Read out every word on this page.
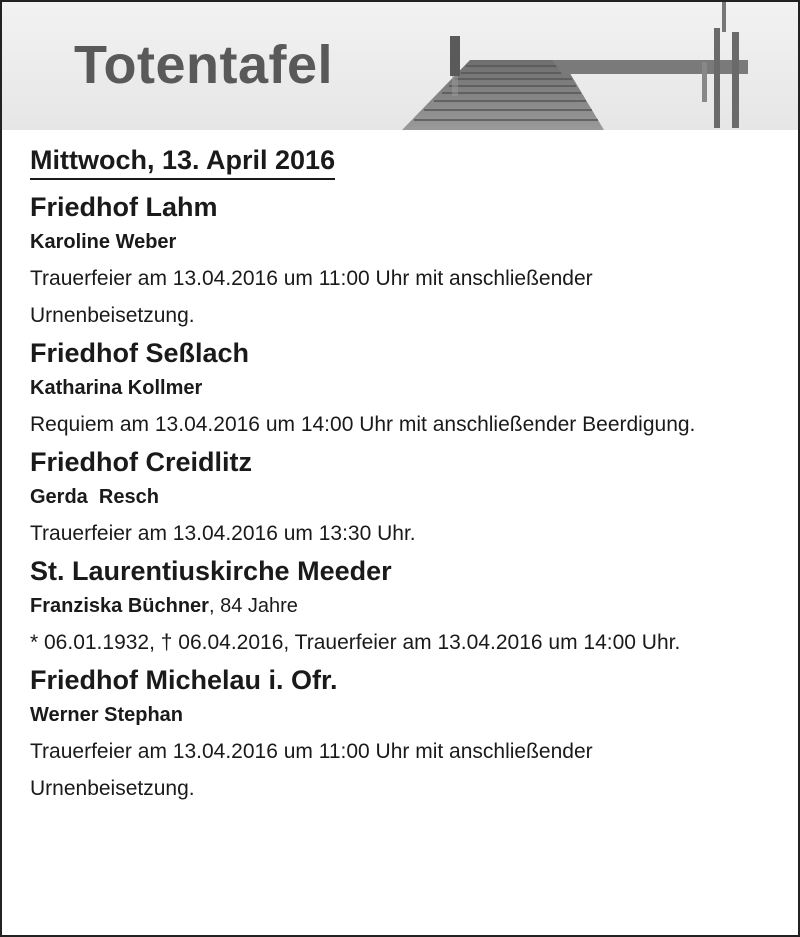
Totentafel
Mittwoch, 13. April 2016
Friedhof Lahm
Karoline Weber
Trauerfeier am 13.04.2016 um 11:00 Uhr mit anschließender Urnenbeisetzung.
Friedhof Seßlach
Katharina Kollmer
Requiem am 13.04.2016 um 14:00 Uhr mit anschließender Beerdigung.
Friedhof Creidlitz
Gerda  Resch
Trauerfeier am 13.04.2016 um 13:30 Uhr.
St. Laurentiuskirche Meeder
Franziska Büchner, 84 Jahre
* 06.01.1932, † 06.04.2016, Trauerfeier am 13.04.2016 um 14:00 Uhr.
Friedhof Michelau i. Ofr.
Werner Stephan
Trauerfeier am 13.04.2016 um 11:00 Uhr mit anschließender Urnenbeisetzung.
